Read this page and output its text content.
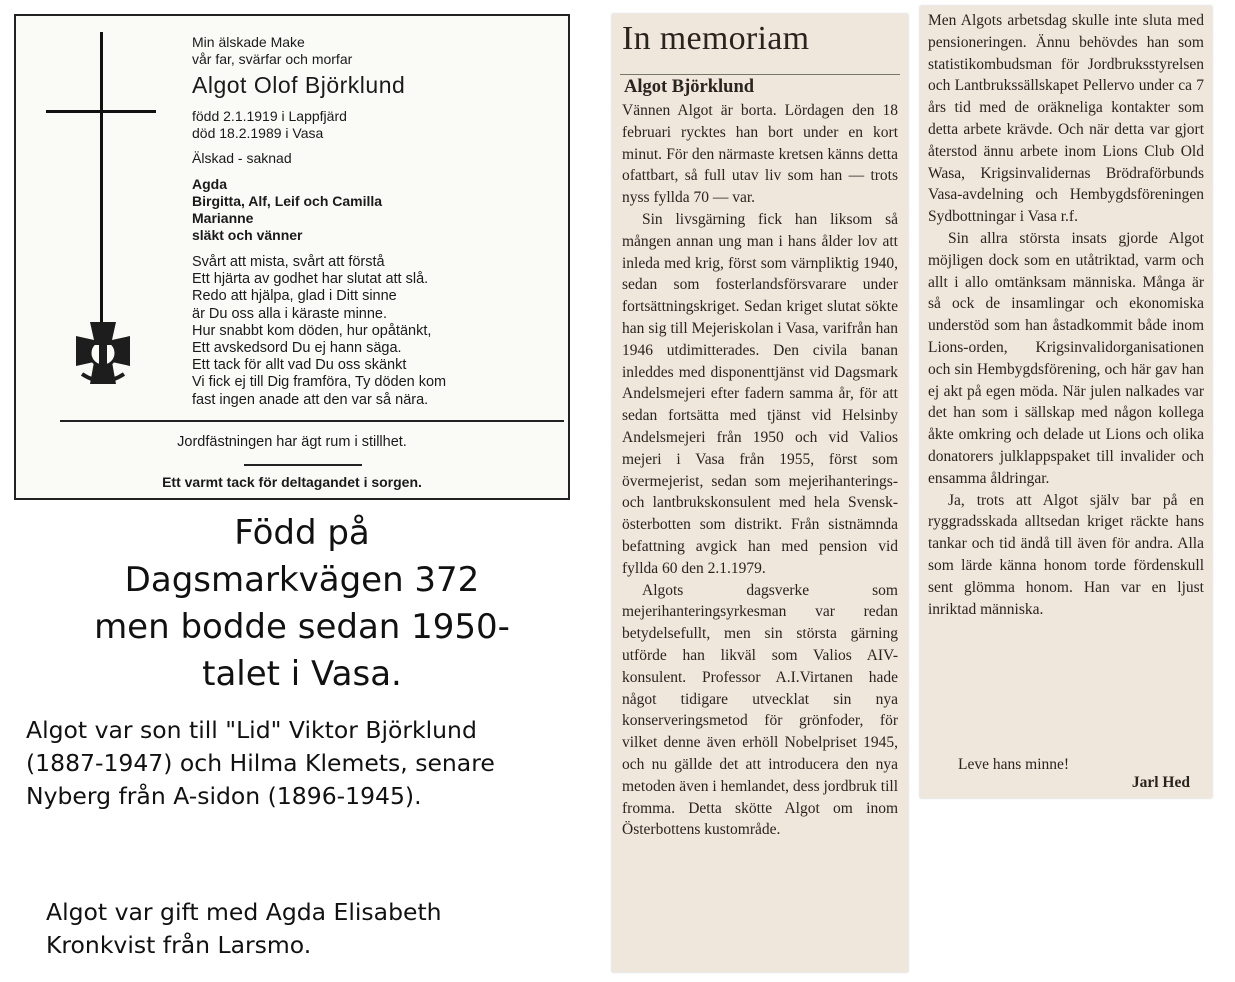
Min älskade Make
vår far, svärfar och morfar
Algot Olof Björklund
född 2.1.1919 i Lappfjärd
död 18.2.1989 i Vasa
Älskad - saknad
Agda
Birgitta, Alf, Leif och Camilla
Marianne
släkt och vänner
Svårt att mista, svårt att förstå
Ett hjärta av godhet har slutat att slå.
Redo att hjälpa, glad i Ditt sinne
är Du oss alla i käraste minne.
Hur snabbt kom döden, hur opåtänkt,
Ett avskedsord Du ej hann säga.
Ett tack för allt vad Du oss skänkt
Vi fick ej till Dig framföra, Ty döden kom
fast ingen anade att den var så nära.
Jordfästningen har ägt rum i stillhet.
Ett varmt tack för deltagandet i sorgen.
Född på
Dagsmarkvägen 372
men bodde sedan 1950-
talet i Vasa.
Algot var son till "Lid" Viktor Björklund
(1887-1947) och Hilma Klemets, senare
Nyberg från A-sidon (1896-1945).
Algot var gift med Agda Elisabeth
Kronkvist från Larsmo.
In memoriam
Algot Björklund

Vännen Algot är borta. Lördagen den 18 februari rycktes han bort under en kort minut. För den närmaste kretsen känns detta ofattbart, så full utav liv som han — trots nyss fyllda 70 — var.

Sin livsgärning fick han liksom så mången annan ung man i hans ålder lov att inleda med krig, först som värnpliktig 1940, sedan som fosterlandsförsvarare under fortsättningskriget. Sedan kriget slutat sökte han sig till Mejeriskolan i Vasa, varifrån han 1946 utdimitterades. Den civila banan inleddes med disponenttjänst vid Dagsmark Andelsmejeri efter fadern samma år, för att sedan fortsätta med tjänst vid Helsinby Andelsmejeri från 1950 och vid Valios mejeri i Vasa från 1955, först som övermejerist, sedan som mejerihanterings- och lantbrukskonsulent med hela Svensk-österbotten som distrikt. Från sistnämnda befattning avgick han med pension vid fyllda 60 den 2.1.1979.

Algots dagsverke som mejerihanteringsyrkesman var redan betydelsefullt, men sin största gärning utförde han likväl som Valios AIV-konsulent. Professor A.I.Virtanen hade något tidigare utvecklat sin nya konserveringsmetod för grönfoder, för vilket denne även erhöll Nobelpriset 1945, och nu gällde det att introducera den nya metoden även i hemlandet, dess jordbruk till fromma. Detta skötte Algot om inom Österbottens kustområde.

Men Algots arbetsdag skulle inte sluta med pensioneringen. Ännu behövdes han som statistikombudsman för Jordbruksstyrelsen och Lantbrukssällskapet Pellervo under ca 7 års tid med de oräkneliga kontakter som detta arbete krävde. Och när detta var gjort återstod ännu arbete inom Lions Club Old Wasa, Krigsinvalidernas Brödraförbunds Vasa-avdelning och Hembygdsföreningen Sydbottningar i Vasa r.f.

Sin allra största insats gjorde Algot möjligen dock som en utåtriktad, varm och allt i allo omtänksam människa. Många är så ock de insamlingar och ekonomiska understöd som han åstadkommit både inom Lions-orden, Krigsinvalidorganisationen och sin Hembygdsförening, och här gav han ej akt på egen möda. När julen nalkades var det han som i sällskap med någon kollega åkte omkring och delade ut Lions och olika donatorers julklappspaket till invalider och ensamma åldringar.

Ja, trots att Algot själv bar på en ryggradsskada alltsedan kriget räckte hans tankar och tid ändå till även för andra. Alla som lärde känna honom torde fördenskull sent glömma honom. Han var en ljust inriktad människa.

Leve hans minne!
Jarl Hed
